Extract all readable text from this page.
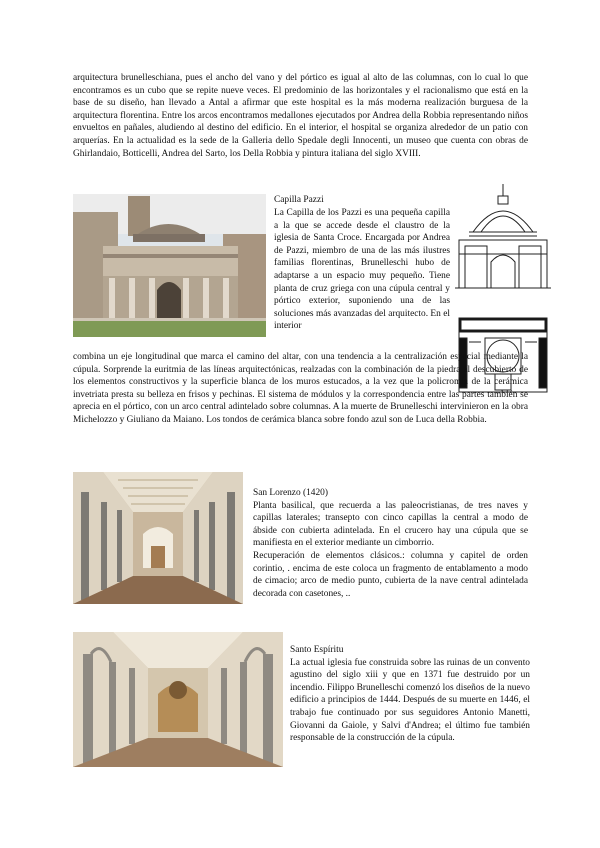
arquitectura brunelleschiana, pues el ancho del vano y del pórtico es igual al alto de las columnas, con lo cual lo que encontramos es un cubo que se repite nueve veces. El predominio de las horizontales y el racionalismo que está en la base de su diseño, han llevado a Antal a afirmar que este hospital es la más moderna realización burguesa de la arquitectura florentina. Entre los arcos encontramos medallones ejecutados por Andrea della Robbia representando niños envueltos en pañales, aludiendo al destino del edificio. En el interior, el hospital se organiza alrededor de un patio con arquerías. En la actualidad es la sede de la Galleria dello Spedale degli Innocenti, un museo que cuenta con obras de Ghirlandaio, Botticelli, Andrea del Sarto, los Della Robbia y pintura italiana del siglo XVIII.
Capilla Pazzi
La Capilla de los Pazzi es una pequeña capilla a la que se accede desde el claustro de la iglesia de Santa Croce. Encargada por Andrea de Pazzi, miembro de una de las más ilustres familias florentinas, Brunelleschi hubo de adaptarse a un espacio muy pequeño. Tiene planta de cruz griega con una cúpula central y pórtico exterior, suponiendo una de las soluciones más avanzadas del arquitecto. En el interior
combina un eje longitudinal que marca el camino del altar, con una tendencia a la centralización espacial mediante la cúpula. Sorprende la euritmia de las líneas arquitectónicas, realzadas con la combinación de la piedra al descubierto de los elementos constructivos y la superficie blanca de los muros estucados, a la vez que la policromía de la cerámica invetriata presta su belleza en frisos y pechinas. El sistema de módulos y la correspondencia entre las partes también se aprecia en el pórtico, con un arco central adintelado sobre columnas. A la muerte de Brunelleschi intervinieron en la obra Michelozzo y Giuliano da Maiano. Los tondos de cerámica blanca sobre fondo azul son de Luca della Robbia.
San Lorenzo (1420)
Planta basilical, que recuerda a las paleocristianas, de tres naves y capillas laterales; transepto con cinco capillas la central a modo de ábside con cubierta adintelada. En el crucero hay una cúpula que se manifiesta en el exterior mediante un cimborrio.
Recuperación de elementos clásicos.: columna y capitel de orden corintio, . encima de este coloca un fragmento de entablamento a modo de cimacio; arco de medio punto, cubierta de la nave central adintelada decorada con casetones, ..
Santo Espíritu
La actual iglesia fue construida sobre las ruinas de un convento agustino del siglo xiii y que en 1371 fue destruido por un incendio. Filippo Brunelleschi comenzó los diseños de la nuevo edificio a principios de 1444. Después de su muerte en 1446, el trabajo fue continuado por sus seguidores Antonio Manetti, Giovanni da Gaiole, y Salvi d'Andrea; el último fue también responsable de la construcción de la cúpula.
